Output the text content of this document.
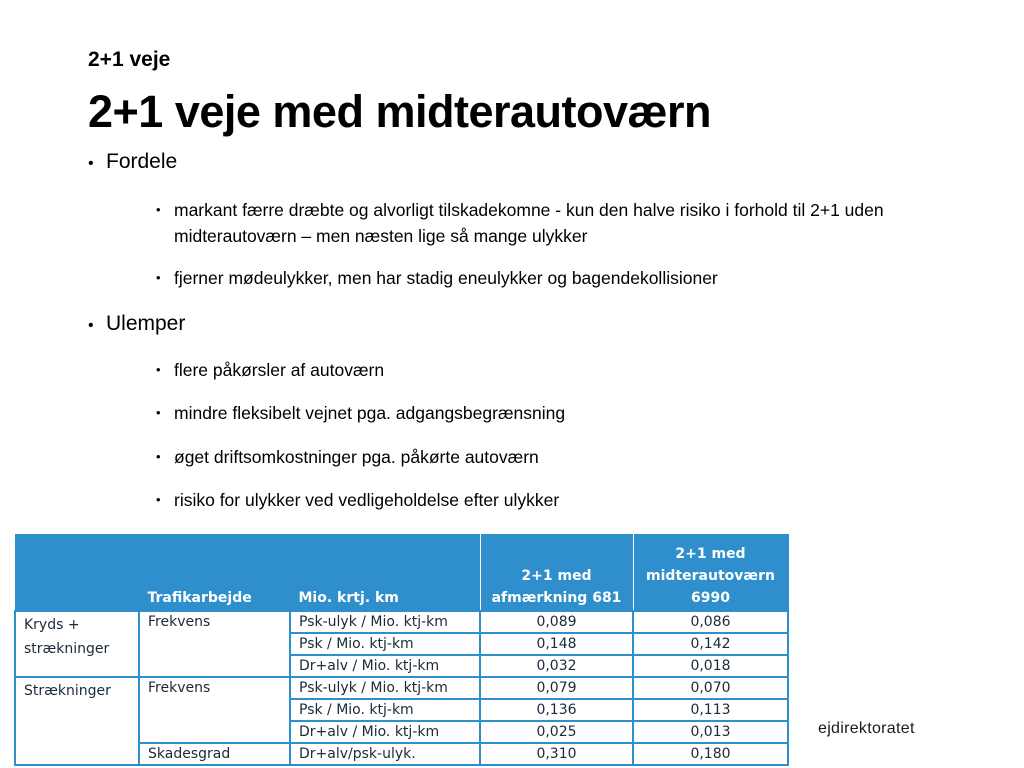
2+1 veje
2+1 veje med midterautoværn
• Fordele
• markant færre dræbte og alvorligt tilskadekomne - kun den halve risiko i forhold til 2+1 uden midterautoværn – men næsten lige så mange ulykker
• fjerner mødeulykker, men har stadig eneulykker og bagendekollisioner
• Ulemper
• flere påkørsler af autoværn
• mindre fleksibelt vejnet pga. adgangsbegrænsning
• øget driftsomkostninger pga. påkørte autoværn
• risiko for ulykker ved vedligeholdelse efter ulykker
	Trafikarbejde	Mio. krtj. km	2+1 med afmærkning 681	2+1 med midterautoværn 6990
Kryds + strækninger	Frekvens	Psk-ulyk / Mio. ktj-km	0,089	0,086
		Psk / Mio. ktj-km	0,148	0,142
		Dr+alv / Mio. ktj-km	0,032	0,018
Strækninger	Frekvens	Psk-ulyk / Mio. ktj-km	0,079	0,070
		Psk / Mio. ktj-km	0,136	0,113
		Dr+alv / Mio. ktj-km	0,025	0,013
	Skadesgrad	Dr+alv/psk-ulyk.	0,310	0,180
ejdirektoratet
